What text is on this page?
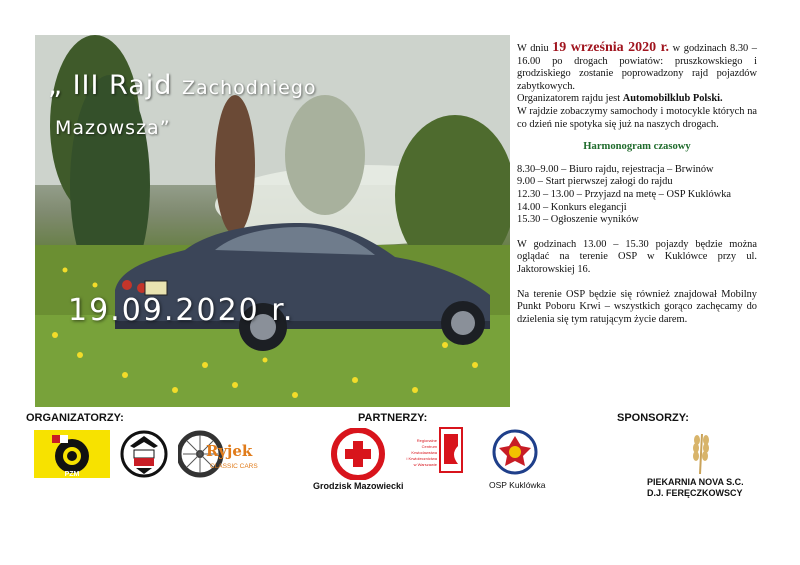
„ III Rajd Zachodniego
Mazowsza”
19.09.2020 r.

W dniu 19 września 2020 r. w godzinach 8.30 – 16.00 po drogach powiatów: pruszkowskiego i grodziskiego zostanie poprowadzony rajd pojazdów zabytkowych.

Organizatorem rajdu jest Automobilklub Polski.

W rajdzie zobaczymy samochody i motocykle których na co dzień nie spotyka się już na naszych drogach.

Harmonogram czasowy
8.30–9.00 – Biuro rajdu, rejestracja – Brwinów
9.00 – Start pierwszej załogi do rajdu
12.30 – 13.00 – Przyjazd na metę – OSP Kuklówka
14.00 – Konkurs elegancji
15.30 – Ogłoszenie wyników

W godzinach 13.00 – 15.30 pojazdy będzie można oglądać na terenie OSP w Kuklówce przy ul. Jaktorowskiej 16.

Na terenie OSP będzie się również znajdował Mobilny Punkt Poboru Krwi – wszystkich gorąco zachęcamy do dzielenia się tym ratującym życie darem.

ORGANIZATORZY:	PARTNERZY:	SPONSORZY:
PZM
Ryjek
CLASSIC CARS
Grodzisk Mazowiecki
Regionalne
Centrum
Krwiodawstwa
i Krwiolecznictwa
w Warszawie
OSP Kuklówka	PIEKARNIA NOVA S.C.
D.J. FERĘCZKOWSCY
